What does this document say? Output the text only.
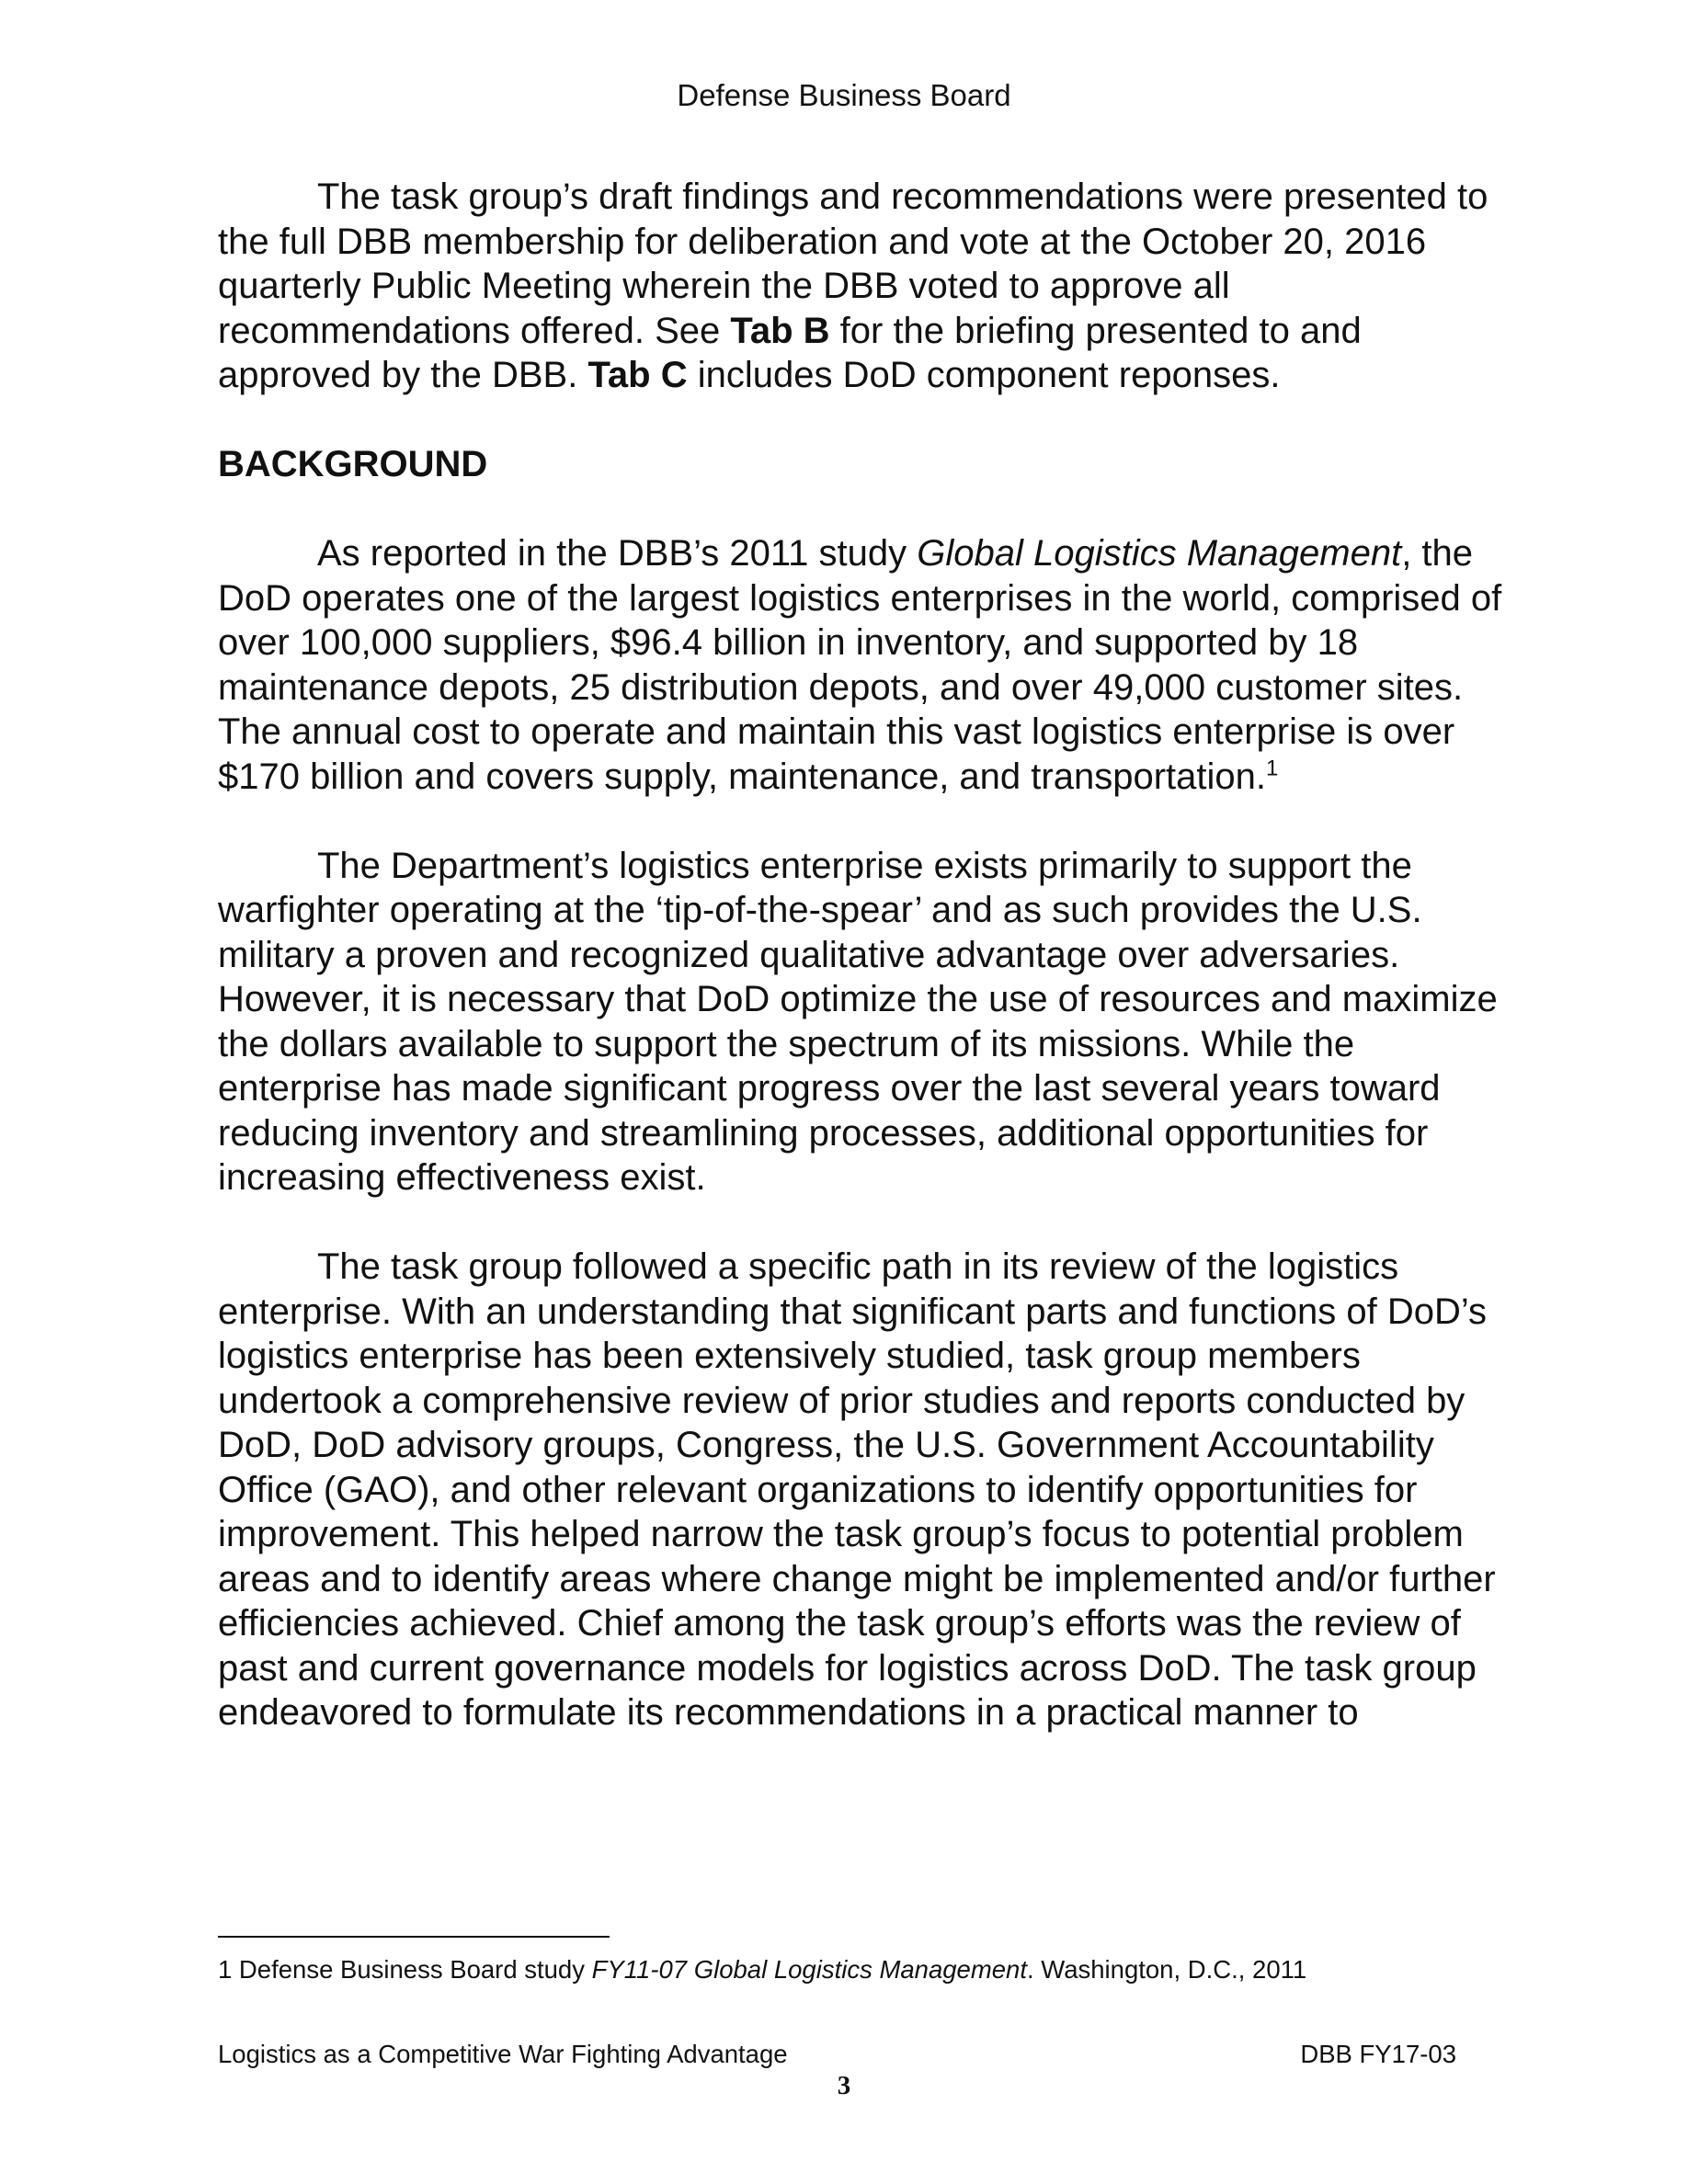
Defense Business Board

The task group’s draft findings and recommendations were presented to the full DBB membership for deliberation and vote at the October 20, 2016 quarterly Public Meeting wherein the DBB voted to approve all recommendations offered. See Tab B for the briefing presented to and approved by the DBB. Tab C includes DoD component reponses.

BACKGROUND

As reported in the DBB’s 2011 study Global Logistics Management, the DoD operates one of the largest logistics enterprises in the world, comprised of over 100,000 suppliers, $96.4 billion in inventory, and supported by 18 maintenance depots, 25 distribution depots, and over 49,000 customer sites. The annual cost to operate and maintain this vast logistics enterprise is over $170 billion and covers supply, maintenance, and transportation.$^1$

The Department’s logistics enterprise exists primarily to support the warfighter operating at the ‘tip-of-the-spear’ and as such provides the U.S. military a proven and recognized qualitative advantage over adversaries. However, it is necessary that DoD optimize the use of resources and maximize the dollars available to support the spectrum of its missions. While the enterprise has made significant progress over the last several years toward reducing inventory and streamlining processes, additional opportunities for increasing effectiveness exist.

The task group followed a specific path in its review of the logistics enterprise. With an understanding that significant parts and functions of DoD’s logistics enterprise has been extensively studied, task group members undertook a comprehensive review of prior studies and reports conducted by DoD, DoD advisory groups, Congress, the U.S. Government Accountability Office (GAO), and other relevant organizations to identify opportunities for improvement. This helped narrow the task group’s focus to potential problem areas and to identify areas where change might be implemented and/or further efficiencies achieved. Chief among the task group’s efforts was the review of past and current governance models for logistics across DoD. The task group endeavored to formulate its recommendations in a practical manner to

1 Defense Business Board study FY11-07 Global Logistics Management. Washington, D.C., 2011
Logistics as a Competitive War Fighting Advantage	DBB FY17-03
3
